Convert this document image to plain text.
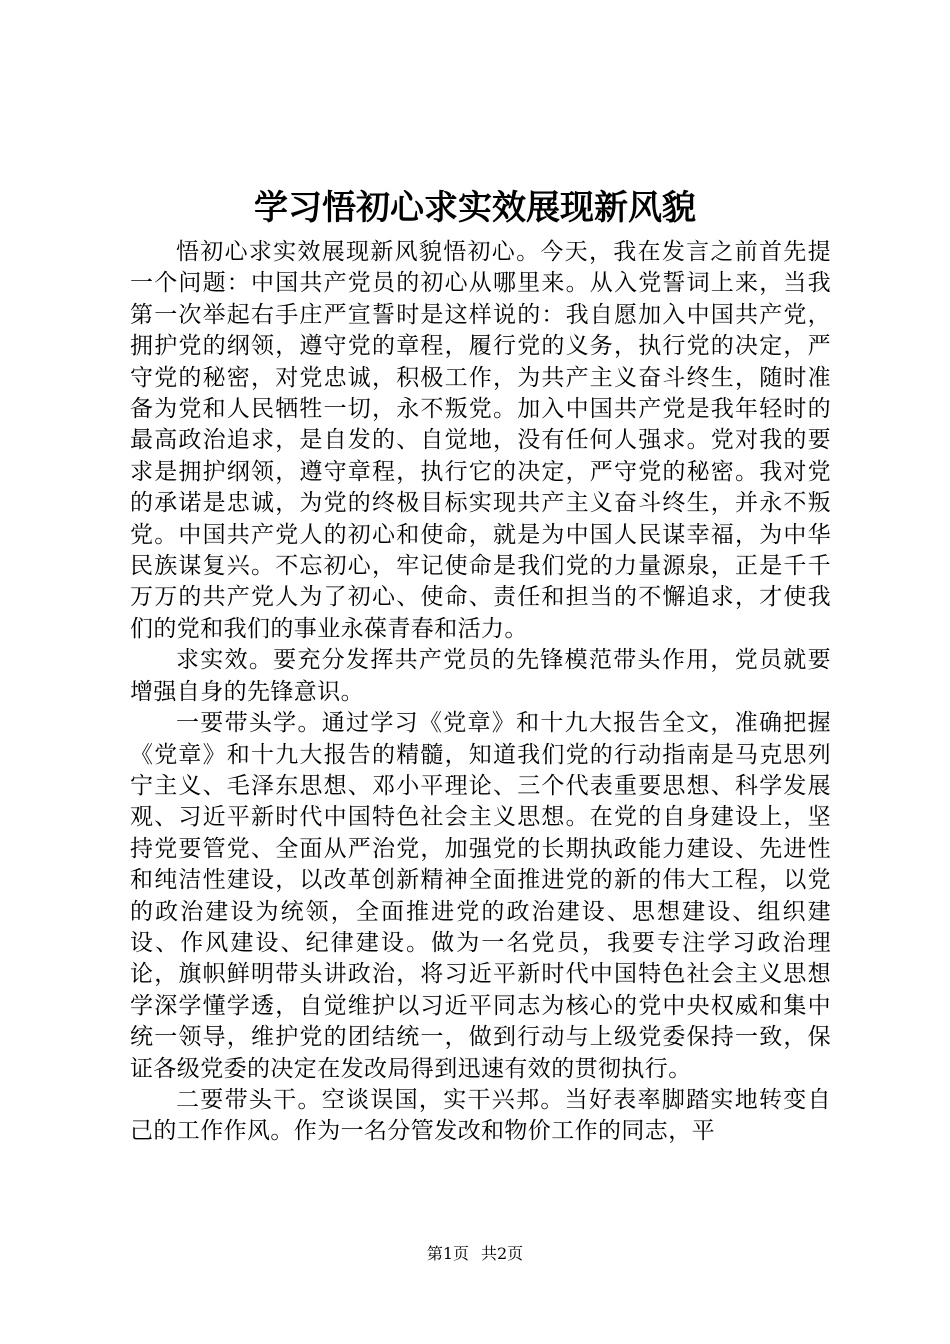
学习悟初心求实效展现新风貌

悟初心求实效展现新风貌悟初心。今天，我在发言之前首先提一个问题：中国共产党员的初心从哪里来。从入党誓词上来，当我第一次举起右手庄严宣誓时是这样说的：我自愿加入中国共产党，拥护党的纲领，遵守党的章程，履行党的义务，执行党的决定，严守党的秘密，对党忠诚，积极工作，为共产主义奋斗终生，随时准备为党和人民牺牲一切，永不叛党。加入中国共产党是我年轻时的最高政治追求，是自发的、自觉地，没有任何人强求。党对我的要求是拥护纲领，遵守章程，执行它的决定，严守党的秘密。我对党的承诺是忠诚，为党的终极目标实现共产主义奋斗终生，并永不叛党。中国共产党人的初心和使命，就是为中国人民谋幸福，为中华民族谋复兴。不忘初心，牢记使命是我们党的力量源泉，正是千千万万的共产党人为了初心、使命、责任和担当的不懈追求，才使我们的党和我们的事业永葆青春和活力。

求实效。要充分发挥共产党员的先锋模范带头作用，党员就要增强自身的先锋意识。

一要带头学。通过学习《党章》和十九大报告全文，准确把握《党章》和十九大报告的精髓，知道我们党的行动指南是马克思列宁主义、毛泽东思想、邓小平理论、三个代表重要思想、科学发展观、习近平新时代中国特色社会主义思想。在党的自身建设上，坚持党要管党、全面从严治党，加强党的长期执政能力建设、先进性和纯洁性建设，以改革创新精神全面推进党的新的伟大工程，以党的政治建设为统领，全面推进党的政治建设、思想建设、组织建设、作风建设、纪律建设。做为一名党员，我要专注学习政治理论，旗帜鲜明带头讲政治，将习近平新时代中国特色社会主义思想学深学懂学透，自觉维护以习近平同志为核心的党中央权威和集中统一领导，维护党的团结统一，做到行动与上级党委保持一致，保证各级党委的决定在发改局得到迅速有效的贯彻执行。

二要带头干。空谈误国，实干兴邦。当好表率脚踏实地转变自己的工作作风。作为一名分管发改和物价工作的同志，平

第1页 共2页
